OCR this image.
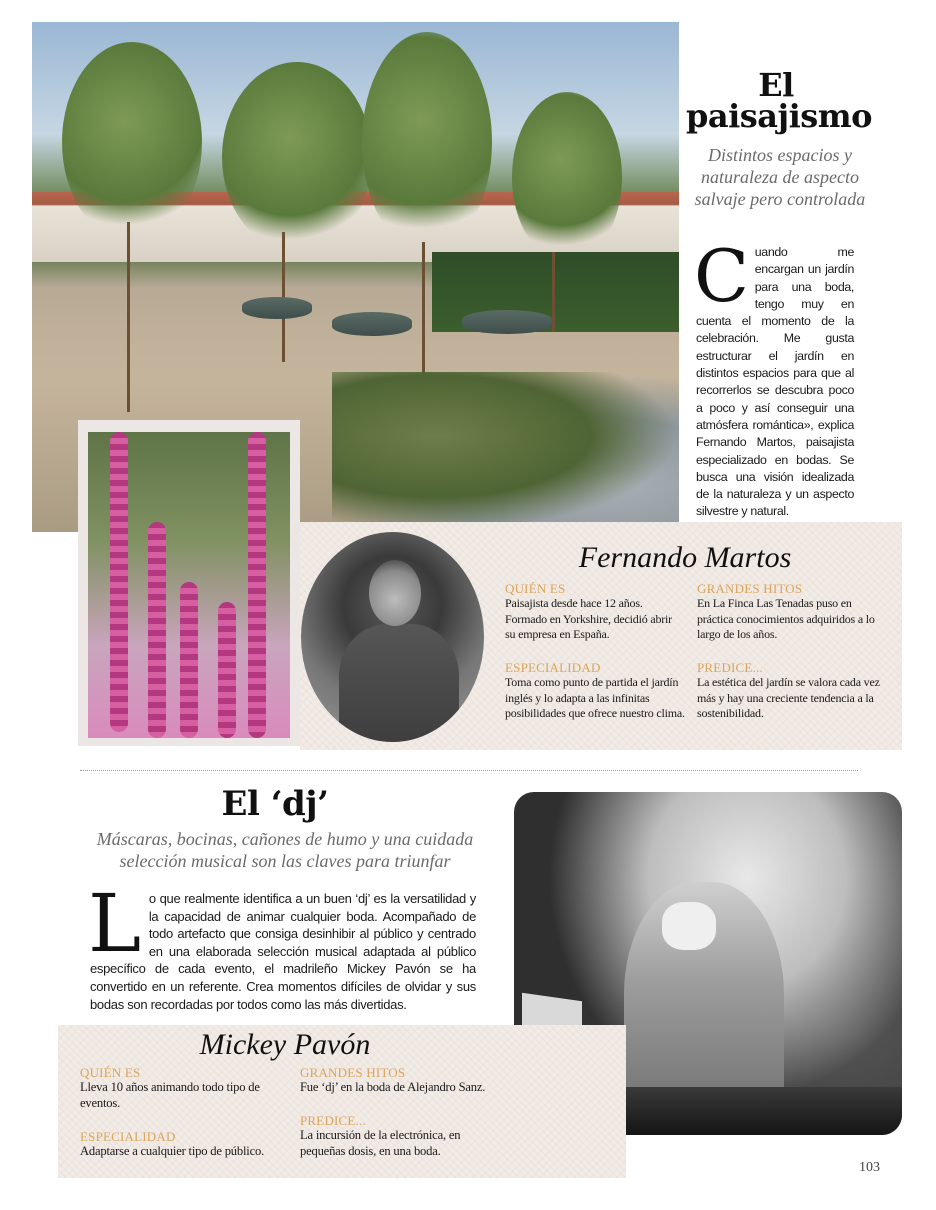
El paisajismo
Distintos espacios y naturaleza de aspecto salvaje pero controlada
C uando me encargan un jardín para una boda, tengo muy en cuenta el momento de la celebración. Me gusta estructurar el jardín en distintos espacios para que al recorrerlos se descubra poco a poco y así conseguir una atmósfera romántica», explica Fernando Martos, paisajista especializado en bodas. Se busca una visión idealizada de la naturaleza y un aspecto silvestre y natural.
Fernando Martos
QUIÉN ES
Paisajista desde hace 12 años. Formado en Yorkshire, decidió abrir su empresa en España.
ESPECIALIDAD
Toma como punto de partida el jardín inglés y lo adapta a las infinitas posibilidades que ofrece nuestro clima.
GRANDES HITOS
En La Finca Las Tenadas puso en práctica conocimientos adquiridos a lo largo de los años.
PREDICE...
La estética del jardín se valora cada vez más y hay una creciente tendencia a la sostenibilidad.
El ‘dj’
Máscaras, bocinas, cañones de humo y una cuidada selección musical son las claves para triunfar
L o que realmente identifica a un buen ‘dj’ es la versatilidad y la capacidad de animar cualquier boda. Acompañado de todo artefacto que consiga desinhibir al público y centrado en una elaborada selección musical adaptada al público específico de cada evento, el madrileño Mickey Pavón se ha convertido en un referente. Crea momentos difíciles de olvidar y sus bodas son recordadas por todos como las más divertidas.
Mickey Pavón
QUIÉN ES
Lleva 10 años animando todo tipo de eventos.
ESPECIALIDAD
Adaptarse a cualquier tipo de público.
GRANDES HITOS
Fue ‘dj’ en la boda de Alejandro Sanz.
PREDICE...
La incursión de la electrónica, en pequeñas dosis, en una boda.
103
